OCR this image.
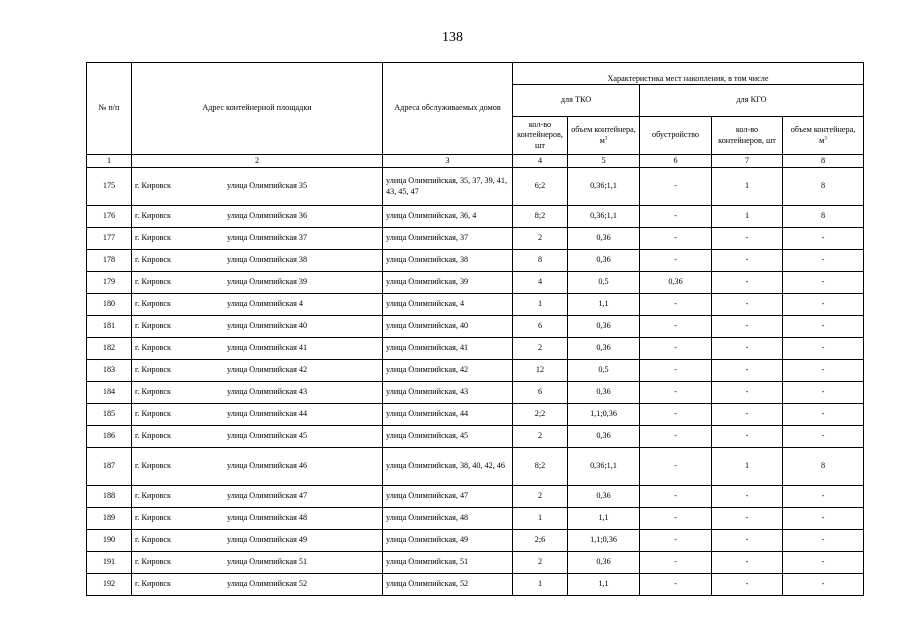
138
№ п/п	Адрес контейнерной площадки	Адреса обслуживаемых домов	Характеристика мест накопления, в том числе				
			для ТКО		для КГО		
			кол-во контейнеров, шт	объем контейнера, $м^3$	обустройство	кол-во контейнеров, шт	объем контейнера, $м^3$
1	2	3	4	5	6	7	8
175	г. Кировск улица Олимпийская 35	улица Олимпийская, 35, 37, 39, 41, 43, 45, 47	6;2	0,36;1,1	-	1	8
176	г. Кировск улица Олимпийская 36	улица Олимпийская, 36, 4	8;2	0,36;1,1	-	1	8
177	г. Кировск улица Олимпийская 37	улица Олимпийская, 37	2	0,36	-	-	-
178	г. Кировск улица Олимпийская 38	улица Олимпийская, 38	8	0,36	-	-	-
179	г. Кировск улица Олимпийская 39	улица Олимпийская, 39	4	0,5	0,36	-	-
180	г. Кировск улица Олимпийская 4	улица Олимпийская, 4	1	1,1	-	-	-
181	г. Кировск улица Олимпийская 40	улица Олимпийская, 40	6	0,36	-	-	-
182	г. Кировск улица Олимпийская 41	улица Олимпийская, 41	2	0,36	-	-	-
183	г. Кировск улица Олимпийская 42	улица Олимпийская, 42	12	0,5	-	-	-
184	г. Кировск улица Олимпийская 43	улица Олимпийская, 43	6	0,36	-	-	-
185	г. Кировск улица Олимпийская 44	улица Олимпийская, 44	2;2	1,1;0,36	-	-	-
186	г. Кировск улица Олимпийская 45	улица Олимпийская, 45	2	0,36	-	-	-
187	г. Кировск улица Олимпийская 46	улица Олимпийская, 38, 40, 42, 46	8;2	0,36;1,1	-	1	8
188	г. Кировск улица Олимпийская 47	улица Олимпийская, 47	2	0,36	-	-	-
189	г. Кировск улица Олимпийская 48	улица Олимпийская, 48	1	1,1	-	-	-
190	г. Кировск улица Олимпийская 49	улица Олимпийская, 49	2;6	1,1;0,36	-	-	-
191	г. Кировск улица Олимпийская 51	улица Олимпийская, 51	2	0,36	-	-	-
192	г. Кировск улица Олимпийская 52	улица Олимпийская, 52	1	1,1	-	-	-
